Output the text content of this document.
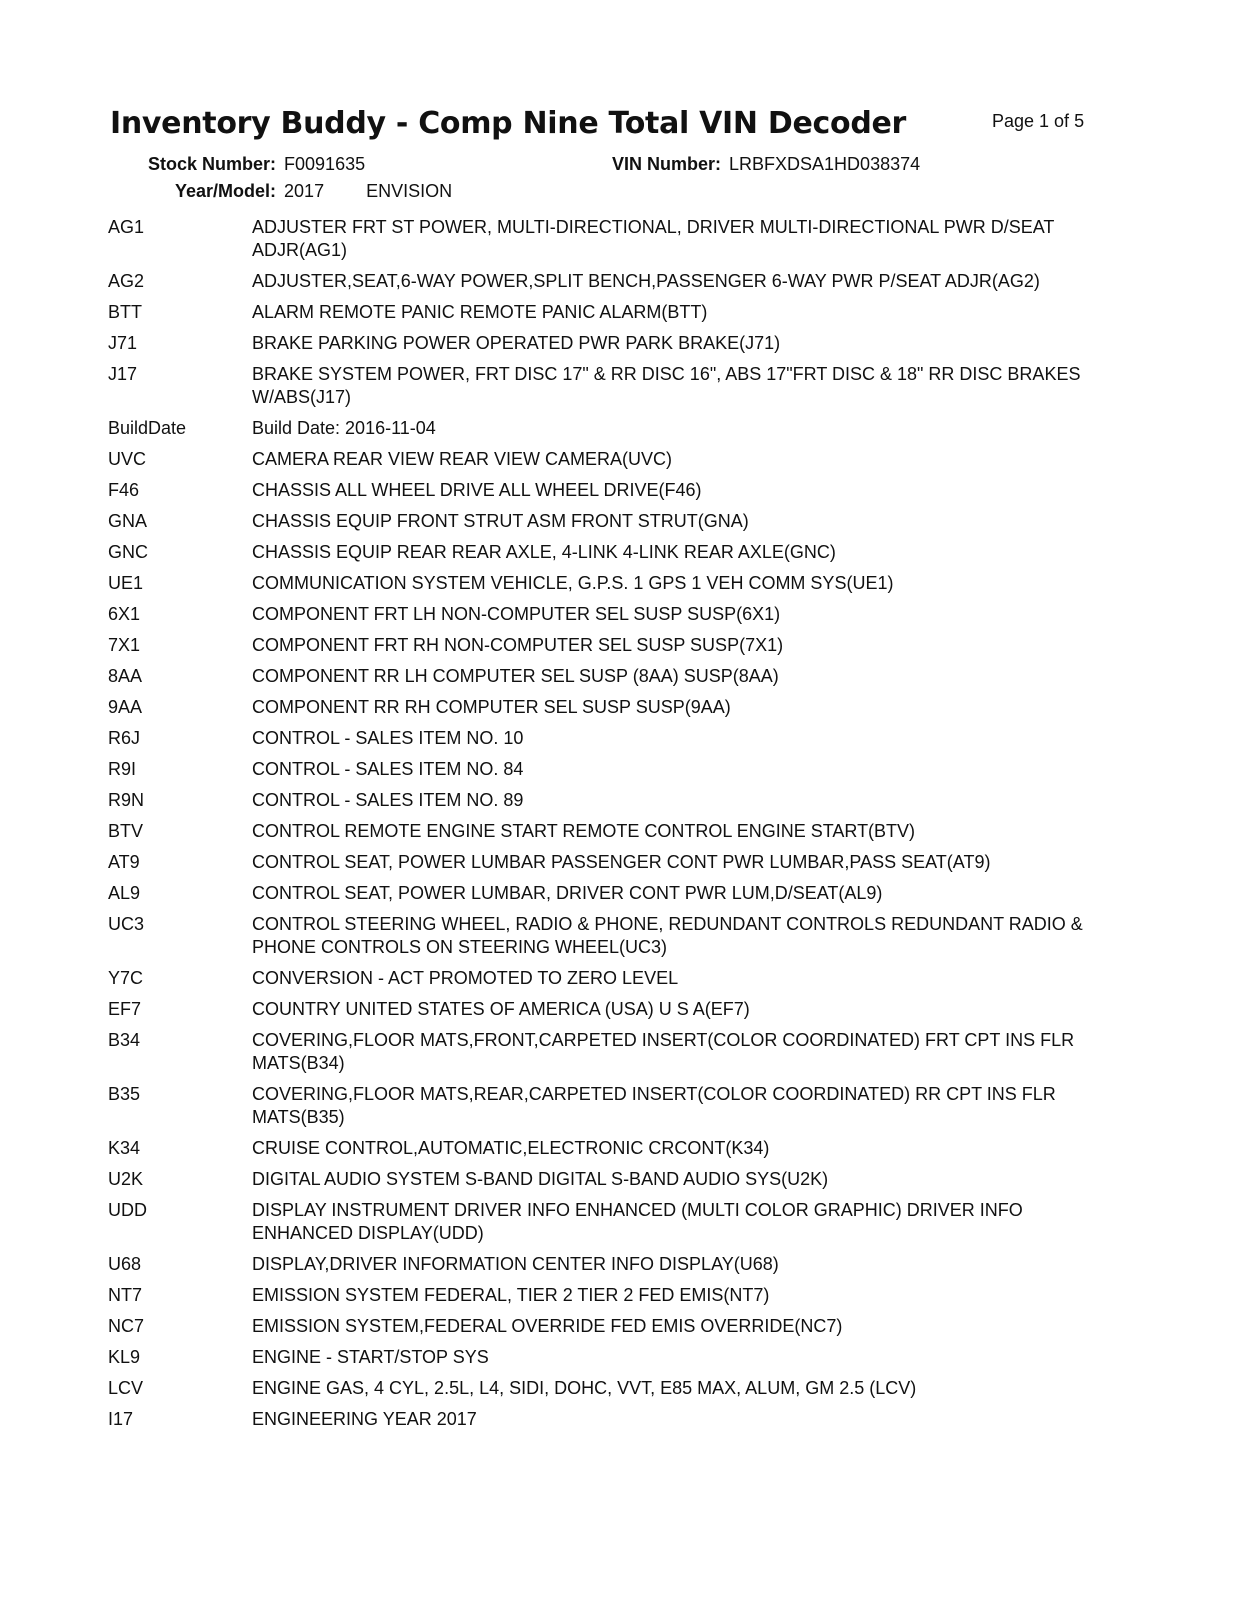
Inventory Buddy - Comp Nine Total VIN Decoder	Page 1 of 5
Stock Number: F0091635	VIN Number: LRBFXDSA1HD038374
Year/Model: 2017 ENVISION
AG1	ADJUSTER FRT ST POWER, MULTI-DIRECTIONAL, DRIVER MULTI-DIRECTIONAL PWR D/SEAT ADJR(AG1)
AG2	ADJUSTER,SEAT,6-WAY POWER,SPLIT BENCH,PASSENGER 6-WAY PWR P/SEAT ADJR(AG2)
BTT	ALARM REMOTE PANIC REMOTE PANIC ALARM(BTT)
J71	BRAKE PARKING POWER OPERATED PWR PARK BRAKE(J71)
J17	BRAKE SYSTEM POWER, FRT DISC 17" & RR DISC 16", ABS 17"FRT DISC & 18" RR DISC BRAKES W/ABS(J17)
BuildDate	Build Date: 2016-11-04
UVC	CAMERA REAR VIEW REAR VIEW CAMERA(UVC)
F46	CHASSIS ALL WHEEL DRIVE ALL WHEEL DRIVE(F46)
GNA	CHASSIS EQUIP FRONT STRUT ASM FRONT STRUT(GNA)
GNC	CHASSIS EQUIP REAR REAR AXLE, 4-LINK 4-LINK REAR AXLE(GNC)
UE1	COMMUNICATION SYSTEM VEHICLE, G.P.S. 1 GPS 1 VEH COMM SYS(UE1)
6X1	COMPONENT FRT LH NON-COMPUTER SEL SUSP SUSP(6X1)
7X1	COMPONENT FRT RH NON-COMPUTER SEL SUSP SUSP(7X1)
8AA	COMPONENT RR LH COMPUTER SEL SUSP (8AA) SUSP(8AA)
9AA	COMPONENT RR RH COMPUTER SEL SUSP SUSP(9AA)
R6J	CONTROL - SALES ITEM NO. 10
R9I	CONTROL - SALES ITEM NO. 84
R9N	CONTROL - SALES ITEM NO. 89
BTV	CONTROL REMOTE ENGINE START REMOTE CONTROL ENGINE START(BTV)
AT9	CONTROL SEAT, POWER LUMBAR PASSENGER CONT PWR LUMBAR,PASS SEAT(AT9)
AL9	CONTROL SEAT, POWER LUMBAR, DRIVER CONT PWR LUM,D/SEAT(AL9)
UC3	CONTROL STEERING WHEEL, RADIO & PHONE, REDUNDANT CONTROLS REDUNDANT RADIO & PHONE CONTROLS ON STEERING WHEEL(UC3)
Y7C	CONVERSION - ACT PROMOTED TO ZERO LEVEL
EF7	COUNTRY UNITED STATES OF AMERICA (USA) U S A(EF7)
B34	COVERING,FLOOR MATS,FRONT,CARPETED INSERT(COLOR COORDINATED) FRT CPT INS FLR MATS(B34)
B35	COVERING,FLOOR MATS,REAR,CARPETED INSERT(COLOR COORDINATED) RR CPT INS FLR MATS(B35)
K34	CRUISE CONTROL,AUTOMATIC,ELECTRONIC CRCONT(K34)
U2K	DIGITAL AUDIO SYSTEM S-BAND DIGITAL S-BAND AUDIO SYS(U2K)
UDD	DISPLAY INSTRUMENT DRIVER INFO ENHANCED (MULTI COLOR GRAPHIC) DRIVER INFO ENHANCED DISPLAY(UDD)
U68	DISPLAY,DRIVER INFORMATION CENTER INFO DISPLAY(U68)
NT7	EMISSION SYSTEM FEDERAL, TIER 2 TIER 2 FED EMIS(NT7)
NC7	EMISSION SYSTEM,FEDERAL OVERRIDE FED EMIS OVERRIDE(NC7)
KL9	ENGINE - START/STOP SYS
LCV	ENGINE GAS, 4 CYL, 2.5L, L4, SIDI, DOHC, VVT, E85 MAX, ALUM, GM 2.5 (LCV)
I17	ENGINEERING YEAR 2017
